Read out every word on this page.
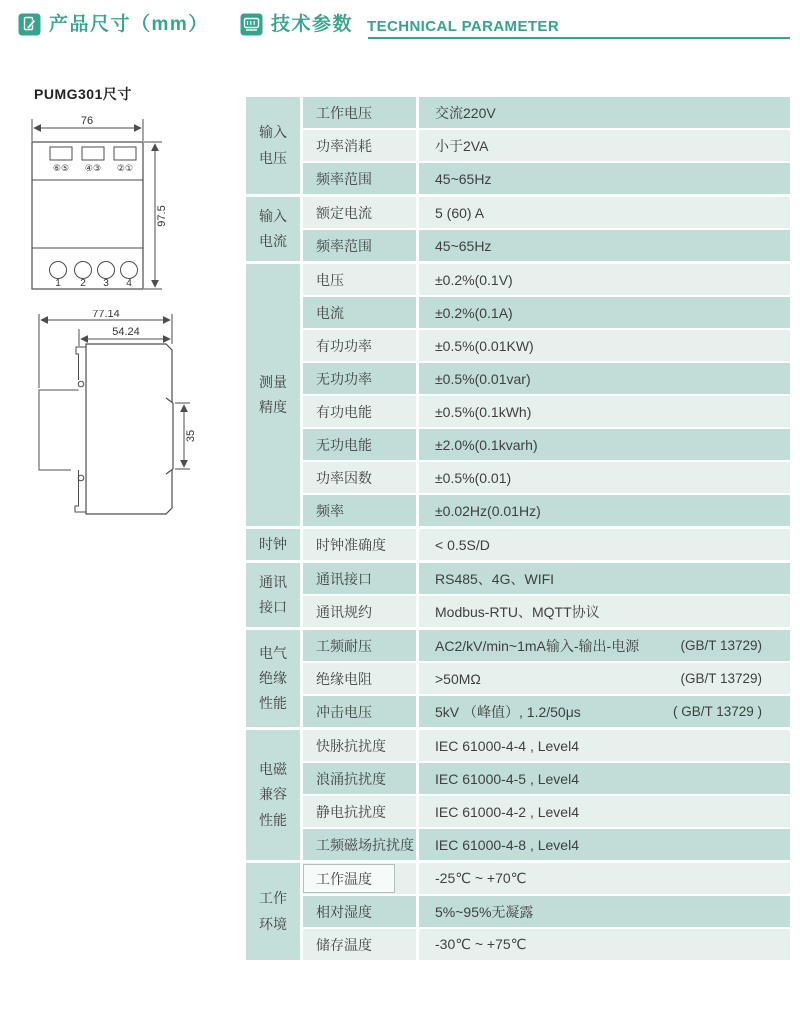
产品尺寸（mm）	技术参数 TECHNICAL PARAMETER
PUMG301尺寸
76
⑥⑤ ④③ ②①
1 2 3 4
97.5
77.14
54.24
35
输入
电压
工作电压	交流220V
功率消耗	小于2VA
频率范围	45~65Hz
输入
电流
额定电流	5 (60) A
频率范围	45~65Hz
测量
精度
电压	±0.2%(0.1V)
电流	±0.2%(0.1A)
有功功率	±0.5%(0.01KW)
无功功率	±0.5%(0.01var)
有功电能	±0.5%(0.1kWh)
无功电能	±2.0%(0.1kvarh)
功率因数	±0.5%(0.01)
频率	±0.02Hz(0.01Hz)
时钟 时钟准确度	< 0.5S/D
通讯
接口
通讯接口	RS485、4G、WIFI
通讯规约	Modbus-RTU、MQTT协议
电气
绝缘
性能
工频耐压	AC2/kV/min~1mA输入-输出-电源	(GB/T 13729)
绝缘电阻	>50MΩ	(GB/T 13729)
冲击电压	5kV （峰值）, 1.2/50μs	( GB/T 13729 )
电磁
兼容
性能
快脉抗扰度	IEC 61000-4-4 , Level4
浪涌抗扰度	IEC 61000-4-5 , Level4
静电抗扰度	IEC 61000-4-2 , Level4
工频磁场抗扰度 IEC 61000-4-8 , Level4
工作
环境
工作温度	-25℃ ~ +70℃
相对湿度	5%~95%无凝露
储存温度	-30℃ ~ +75℃
